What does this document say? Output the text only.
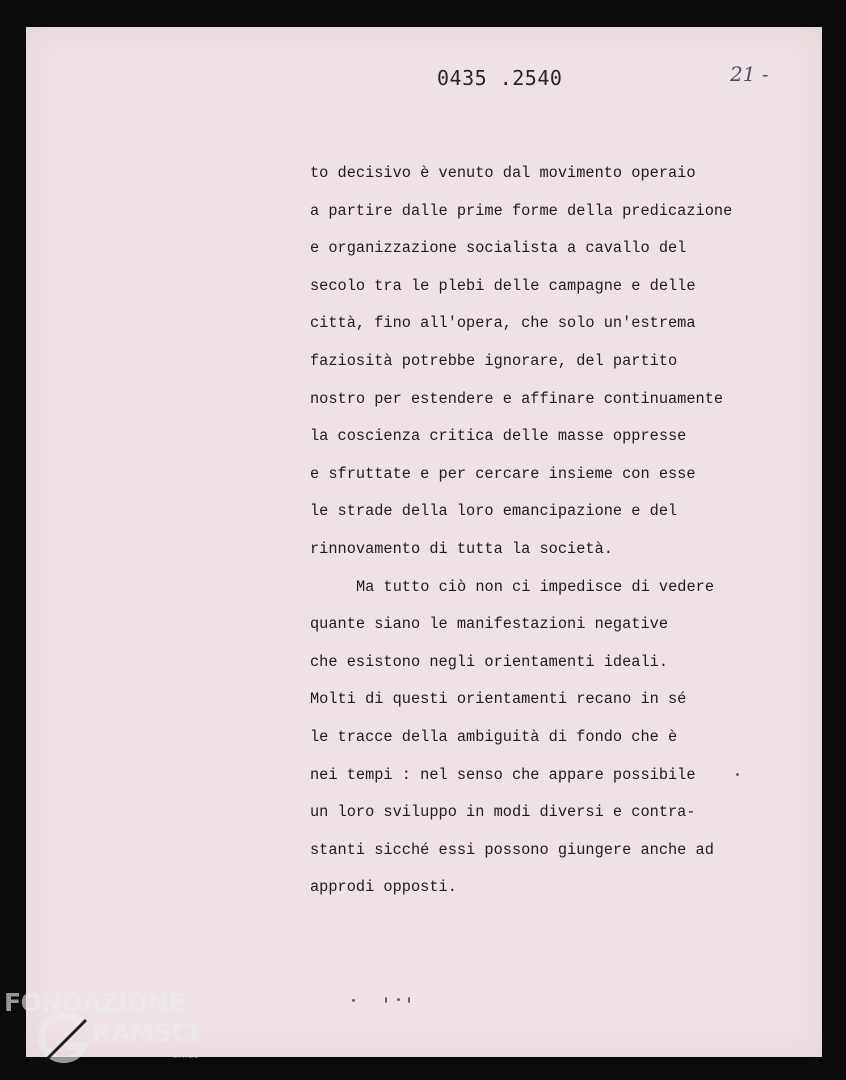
0435 .2540	21 -
to decisivo è venuto dal movimento operaio
a partire dalle prime forme della predicazione
e organizzazione socialista a cavallo del
secolo tra le plebi delle campagne e delle
città, fino all'opera, che solo un'estrema
faziosità potrebbe ignorare, del partito
nostro per estendere e affinare continuamente
la coscienza critica delle masse oppresse
e sfruttate e per cercare insieme con esse
le strade della loro emancipazione e del
rinnovamento di tutta la società.
Ma tutto ciò non ci impedisce di vedere
quante siano le manifestazioni negative
che esistono negli orientamenti ideali.
Molti di questi orientamenti recano in sé
le tracce della ambiguità di fondo che è
nei tempi : nel senso che appare possibile
un loro sviluppo in modi diversi e contra-
stanti sicché essi possono giungere anche ad
approdi opposti.
FONDAZIONE
RAMSCI
onlus
